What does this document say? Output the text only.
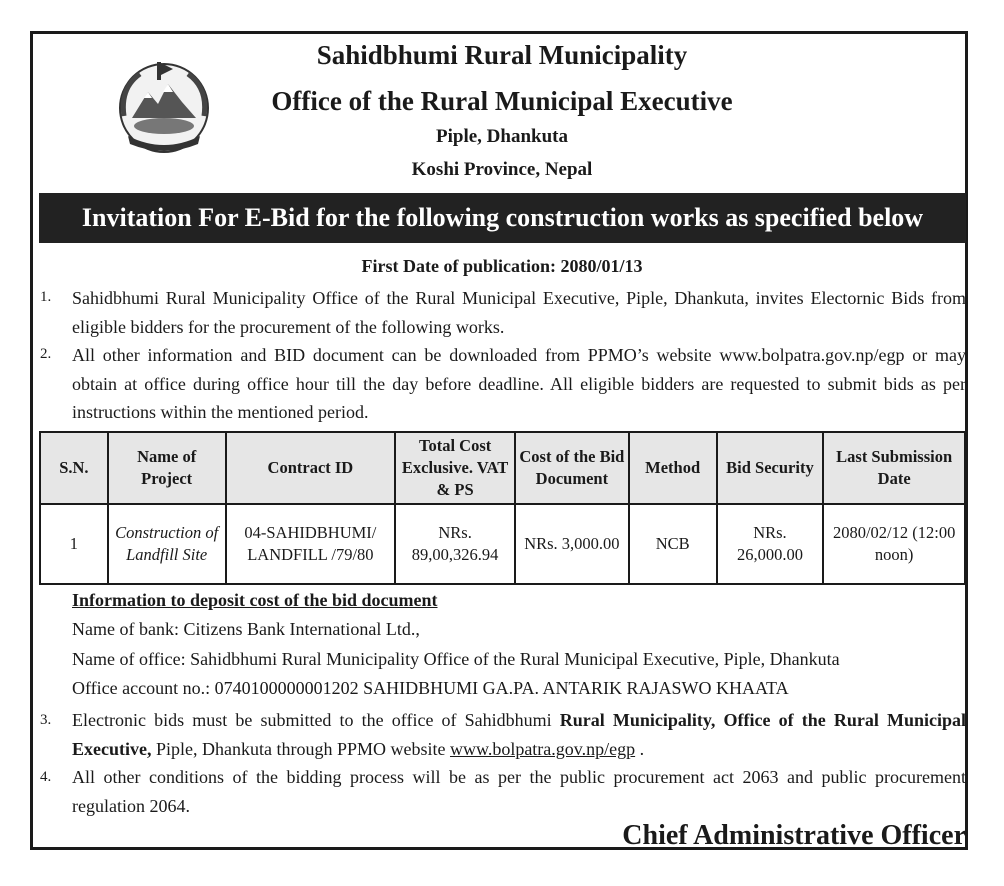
Sahidbhumi Rural Municipality
Office of the Rural Municipal Executive
Piple, Dhankuta
Koshi Province, Nepal
Invitation For E-Bid for the following construction works as specified below
First Date of publication: 2080/01/13
1. Sahidbhumi Rural Municipality Office of the Rural Municipal Executive, Piple, Dhankuta, invites Electornic Bids from eligible bidders for the procurement of the following works.
2. All other information and BID document can be downloaded from PPMO’s website www.bolpatra.gov.np/egp or may obtain at office during office hour till the day before deadline. All eligible bidders are requested to submit bids as per instructions within the mentioned period.
S.N.	Name of Project	Contract ID	Total Cost Exclusive. VAT & PS	Cost of the Bid Document	Method	Bid Security	Last Submission Date
1	Construction of Landfill Site	04-SAHIDBHUMI/ LANDFILL /79/80	NRs. 89,00,326.94	NRs. 3,000.00	NCB	NRs. 26,000.00	2080/02/12 (12:00 noon)
Information to deposit cost of the bid document
Name of bank: Citizens Bank International Ltd.,
Name of office: Sahidbhumi Rural Municipality Office of the Rural Municipal Executive, Piple, Dhankuta
Office account no.: 0740100000001202 SAHIDBHUMI GA.PA. ANTARIK RAJASWO KHAATA
3. Electronic bids must be submitted to the office of Sahidbhumi Rural Municipality, Office of the Rural Municipal Executive, Piple, Dhankuta through PPMO website www.bolpatra.gov.np/egp .
4. All other conditions of the bidding process will be as per the public procurement act 2063 and public procurement regulation 2064.
Chief Administrative Officer
